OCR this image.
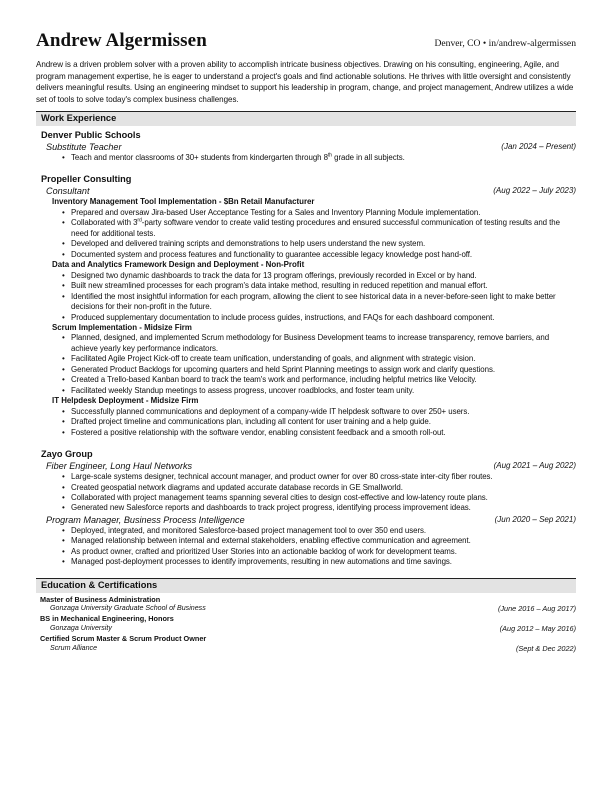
Andrew Algermissen	Denver, CO • in/andrew-algermissen
Andrew is a driven problem solver with a proven ability to accomplish intricate business objectives. Drawing on his consulting, engineering, Agile, and program management expertise, he is eager to understand a project's goals and find actionable solutions. He thrives with little oversight and consistently delivers meaningful results. Using an engineering mindset to support his leadership in program, change, and project management, Andrew utilizes a wide set of tools to solve today's complex business challenges.
Work Experience
Denver Public Schools
Substitute Teacher	(Jan 2024 – Present)
• Teach and mentor classrooms of 30+ students from kindergarten through 8th grade in all subjects.
Propeller Consulting
Consultant	(Aug 2022 – July 2023)
Inventory Management Tool Implementation - $Bn Retail Manufacturer
• Prepared and oversaw Jira-based User Acceptance Testing for a Sales and Inventory Planning Module implementation.
• Collaborated with 3rd-party software vendor to create valid testing procedures and ensured successful communication of testing results and the need for additional tests.
• Developed and delivered training scripts and demonstrations to help users understand the new system.
• Documented system and process features and functionality to guarantee accessible legacy knowledge post hand-off.
Data and Analytics Framework Design and Deployment - Non-Profit
• Designed two dynamic dashboards to track the data for 13 program offerings, previously recorded in Excel or by hand.
• Built new streamlined processes for each program's data intake method, resulting in reduced repetition and manual effort.
• Identified the most insightful information for each program, allowing the client to see historical data in a never-before-seen light to make better decisions for their non-profit in the future.
• Produced supplementary documentation to include process guides, instructions, and FAQs for each dashboard component.
Scrum Implementation - Midsize Firm
• Planned, designed, and implemented Scrum methodology for Business Development teams to increase transparency, remove barriers, and achieve yearly key performance indicators.
• Facilitated Agile Project Kick-off to create team unification, understanding of goals, and alignment with strategic vision.
• Generated Product Backlogs for upcoming quarters and held Sprint Planning meetings to assign work and clarify questions.
• Created a Trello-based Kanban board to track the team's work and performance, including helpful metrics like Velocity.
• Facilitated weekly Standup meetings to assess progress, uncover roadblocks, and foster team unity.
IT Helpdesk Deployment - Midsize Firm
• Successfully planned communications and deployment of a company-wide IT helpdesk software to over 250+ users.
• Drafted project timeline and communications plan, including all content for user training and a help guide.
• Fostered a positive relationship with the software vendor, enabling consistent feedback and a smooth roll-out.
Zayo Group
Fiber Engineer, Long Haul Networks	(Aug 2021 – Aug 2022)
• Large-scale systems designer, technical account manager, and product owner for over 80 cross-state inter-city fiber routes.
• Created geospatial network diagrams and updated accurate database records in GE Smallworld.
• Collaborated with project management teams spanning several cities to design cost-effective and low-latency route plans.
• Generated new Salesforce reports and dashboards to track project progress, identifying process improvement ideas.
Program Manager, Business Process Intelligence	(Jun 2020 – Sep 2021)
• Deployed, integrated, and monitored Salesforce-based project management tool to over 350 end users.
• Managed relationship between internal and external stakeholders, enabling effective communication and agreement.
• As product owner, crafted and prioritized User Stories into an actionable backlog of work for development teams.
• Managed post-deployment processes to identify improvements, resulting in new automations and time savings.
Education & Certifications
Master of Business Administration
Gonzaga University Graduate School of Business	(June 2016 – Aug 2017)
BS in Mechanical Engineering, Honors
Gonzaga University	(Aug 2012 – May 2016)
Certified Scrum Master & Scrum Product Owner
Scrum Alliance	(Sept & Dec 2022)
